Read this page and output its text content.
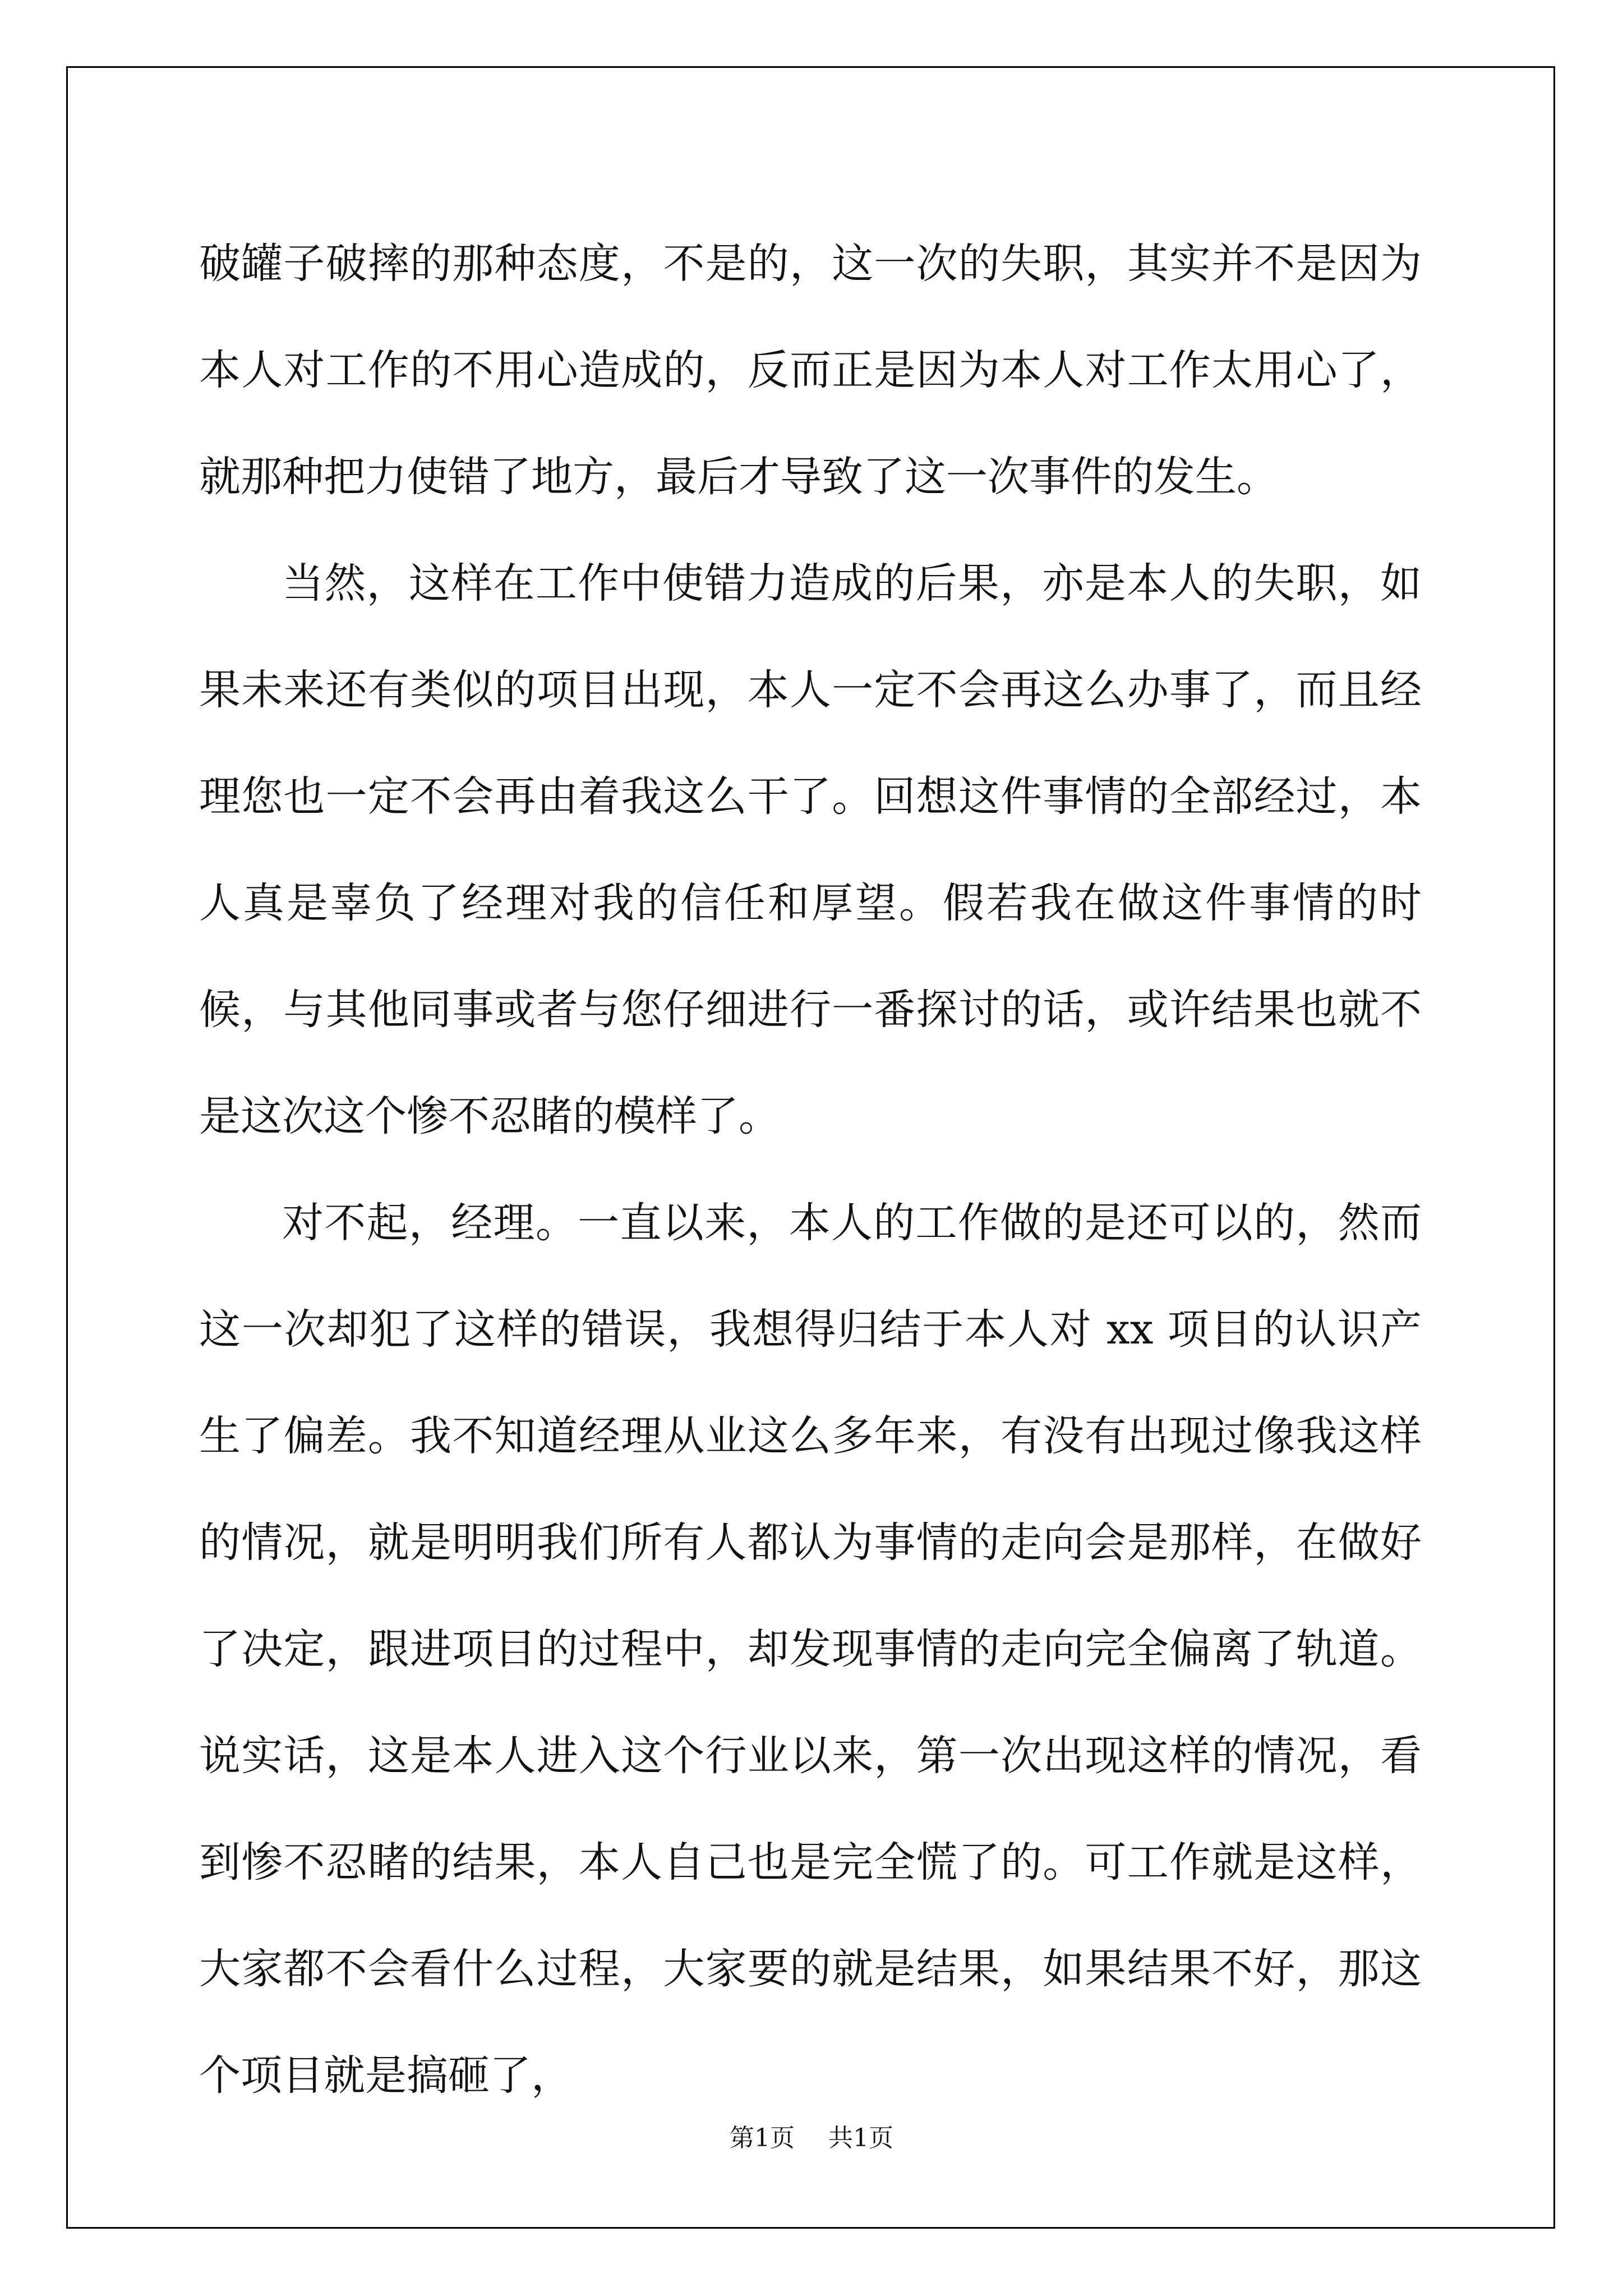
破罐子破摔的那种态度，不是的，这一次的失职，其实并不是因为本人对工作的不用心造成的，反而正是因为本人对工作太用心了，就那种把力使错了地方，最后才导致了这一次事件的发生。

当然，这样在工作中使错力造成的后果，亦是本人的失职，如果未来还有类似的项目出现，本人一定不会再这么办事了，而且经理您也一定不会再由着我这么干了。回想这件事情的全部经过，本人真是辜负了经理对我的信任和厚望。假若我在做这件事情的时候，与其他同事或者与您仔细进行一番探讨的话，或许结果也就不是这次这个惨不忍睹的模样了。

对不起，经理。一直以来，本人的工作做的是还可以的，然而这一次却犯了这样的错误，我想得归结于本人对 xx 项目的认识产生了偏差。我不知道经理从业这么多年来，有没有出现过像我这样的情况，就是明明我们所有人都认为事情的走向会是那样，在做好了决定，跟进项目的过程中，却发现事情的走向完全偏离了轨道。说实话，这是本人进入这个行业以来，第一次出现这样的情况，看到惨不忍睹的结果，本人自己也是完全慌了的。可工作就是这样，大家都不会看什么过程，大家要的就是结果，如果结果不好，那这个项目就是搞砸了，

第1页 共1页
